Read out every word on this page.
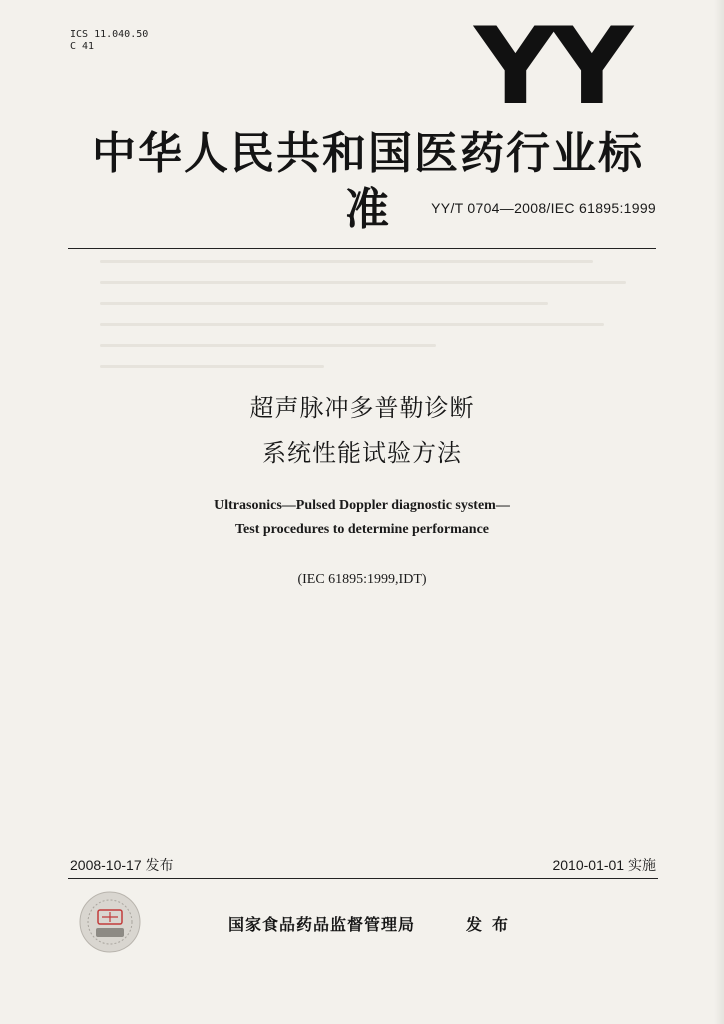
ICS 11.040.50
C 41	YY
中华人民共和国医药行业标准	YY/T 0704—2008/IEC 61895:1999
超声脉冲多普勒诊断
系统性能试验方法
Ultrasonics—Pulsed Doppler diagnostic system—
Test procedures to determine performance
(IEC 61895:1999,IDT)
2008-10-17 发布	2010-01-01 实施
国家食品药品监督管理局	发布
